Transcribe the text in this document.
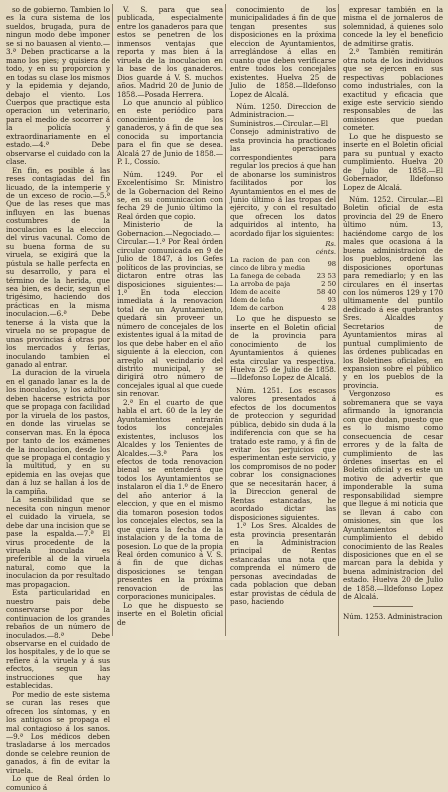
so de gobierno. Tambien lo es la cura sistema de los sueldos, brugada, pura de ningun modo debe imponer se si no bauasen al viento.—3.ª Deben practicarse a la mano los pies; y quisiera de todo, y en su proporcion y en todas su clase los mismos y la epidemia y dejando, debajo el viento. Los Cuerpos que practique esta operacion un veterinario, para el medio de socorrer á la policía y extraordinariamente en el estado.—4.ª Debe observarse el cuidado con la clase.

En fin, es posible á las reses contagiadas del fin licuado, de la intemperie y de un exceso de rocío.—5.ª Que de las reses que mas influyen en las buenas costumbres de la inoculacion es la eleccion del virus vacunal. Como de su buena forma de su viruela, se exigirá que la pústula se halle perfecta en su desarrollo, y para el término de la herida, que sea bien, es decir, segun el trigésimo, haciendo dos prácticas en la misma inoculacion.—6.ª Debe tenerse á la vista que la viruela no se propague de unas provincias á otras por los mercados y ferias, inoculando tambien el ganado al entrar.

La duracion de la viruela en el ganado lanar es la de los inoculados, y los adultos deben hacerse estricta por que se propaga con facilidad por la viruela de los pastos, en donde las viruelas se conservan mas. En la época por tanto de los exámenes de la inoculacion, desde los que se propaga el contagio y la multitud, y en su epidemia en las ovejas que dan á luz se hallan á los de la campiña.

La sensibilidad que se necesita con ningun menor el cuidado la viruela, se debe dar una incision que se pase la espalda.—7.ª El virus procedente de la viruela inoculada es preferible al de la viruela natural, como que la inoculacion da por resultado mas propagacion.

Esta particularidad en nuestro pais debe conservarse por la continuacion de los grandes rebaños de un número de inoculados.—8.ª Debe observarse en el cuidado de los hospitales, y de lo que se refiere á la viruela y á sus efectos, segun las instrucciones que hay establecidas.

Por medio de este sistema se curan las reses que ofrecen los síntomas, y en los antiguos se propaga el mal contagioso á los sanos.—9.ª Los médicos deben trasladarse á los mercados donde se celebre reunion de ganados, á fin de evitar la viruela.

Lo que de Real órden lo comunico á

V. S. para que sea publicada, especialmente entre los ganaderos para que estos se penetren de los inmensos ventajas que reporta y mas bien á la viruela de la inoculacion en la base de los ganaderos. Dios guarde á V. S. muchos años. Madrid 20 de Junio de 1858.—Posada Herrera.

Lo que anuncio al público en este periódico para conocimiento de los ganaderos, y á fin de que sea conocida su importancia para el fin que se desea. Alcalá 27 de Junio de 1858.—P. I., Cossío.

Núm. 1249. Por el Excelentísimo Sr. Ministro de la Gobernacion del Reino se, en su comunicacion con fecha 29 de Junio último la Real órden que copio.

Ministerio de la Gobernacion.—Negociado.—Circular.—1.ª Por Real órden circular comunicada en 9 de Julio de 1847, á los Gefes políticos de las provincias, se dictaron entre otras las disposiciones siguientes:—1.ª En toda eleccion inmediata á la renovacion total de un Ayuntamiento, quedará sin proveer un número de concejales de los existentes igual á la mitad de los que debe haber en el año siguiente á la eleccion, con arreglo al vecindario del distrito municipal, y se dirigirá otro número de concejales igual al que cuede sin renovar.

2.ª En el cuarto de que habla el art. 60 de la ley de Ayuntamientos entrarán todos los concejales existentes, inclusos los Alcaldes y los Tenientes de Alcaldes.—3.ª Para los efectos de toda renovacion bienal se entenderá que todos los Ayuntamientos se instalaron el dia 1.º de Enero del año anterior á la eleccion, y que en el mismo dia tomaron posesion todos los concejales electos, sea la que quiera la fecha de la instalacion y de la toma de posesion. Lo que de la propia Real órden comunico á V. S. á fin de que dichas disposiciones se tengan presentes en la próxima renovacion de las corporaciones municipales.

Lo que he dispuesto se inserte en el Boletin oficial de

conocimiento de los municipalidades á fin de que tengan presentes sus disposiciones en la próxima eleccion de Ayuntamientos, arreglándose á ellas en cuanto que deben verificarse entre todos los concejales existentes. Huelva 25 de Julio de 1858.—Ildefonso Lopez de Alcalá.

Núm. 1250. Direccion de Administracion.—Suministros.—Circular.—El Consejo administrativo de esta provincia ha practicado las operaciones correspondientes para regular los precios á que han de abonarse los suministros facilitados por los Ayuntamientos en el mes de Junio último á las tropas del ejército, y con el resultado que ofrecen los datos adquiridos al intento, ha acordado fijar los siguientes:

	Rs. cénts.
La racion de pan con cinco de libra y media	98
La fanega de cebada	23 53
La arroba de paja	2 50
Idem de aceite	58 40
Idem de leña	93
Idem de carbon	4 28

Lo que he dispuesto se inserte en el Boletin oficial de la provincia para conocimiento de los Ayuntamientos á quienes esta circular va respectiva. Huelva 25 de Julio de 1858.—Ildefonso Lopez de Alcalá.

Núm. 1251. Los escasos valores presentados á efectos de los documentos de proteccion y seguridad pública, debido sin duda á la indiferencia con que se ha tratado este ramo, y á fin de evitar los perjuicios que esperimentan este servicio, y los compromisos de no poder cobrar los consignaciones que se necesitarán hacer, á la Direccion general de Rentas estancadas, he acordado dictar las disposiciones siguientes.

1.ª Los Sres. Alcaldes de esta provincia presentarán en la Administracion principal de Rentas estancadas una nota que comprenda el número de personas avecindadas de cada poblacion que deban estar provistas de cédula de paso, haciendo

expresar también en la misma el de jornaleros de solemnidad, á quienes solo concede la ley el beneficio de admitirse gratis.

2.ª También remitirán otra nota de los individuos que se ejercen en sus respectivas poblaciones como industriales, con la exactitud y eficacia que exige este servicio siendo responsables de las omisiones que puedan cometer.

Lo que he dispuesto se inserte en el Boletin oficial para su puntual y exacto cumplimiento. Huelva 20 de Julio de 1858.—El Gobernador, Ildefonso Lopez de Alcalá.

Núm. 1252. Circular.—El Boletin oficial de esta provincia del 29 de Enero último núm. 13, haciéndome cargo de los males que ocasiona á la buena administracion de los pueblos, ordené las disposiciones oportunas para remediarlo; y en las circulares en él insertas con los números 129 y 170 ultimamente del puntilo dedicado á ese quebrantos Sres. Alcaldes y Secretarios de Ayuntamientos miras al puntual cumplimiento de las órdenes publicadas en los Boletines oficiales, en expansion sobre el público y en los pueblos de la provincia.

Vergonzoso es sobremanera que se vaya afirmando la ignorancia con que dudan, puesto que es lo mismo como consecuencia de cesar errores y de la falta de cumplimiento de las órdenes insertas en el Boletin oficial y es este un motivo de advertir que imponderable la suma responsabilidad siempre que llegue á mi noticia que se llevan á cabo con omisiones, sin que los Ayuntamientos el cumplimiento el debido conocimiento de las Reales disposiciones que en el se marcan para la debida y buena administracion del estado. Huelva 20 de Julio de 1858.—Ildefonso Lopez de Alcalá.

Núm. 1253. Administracion
